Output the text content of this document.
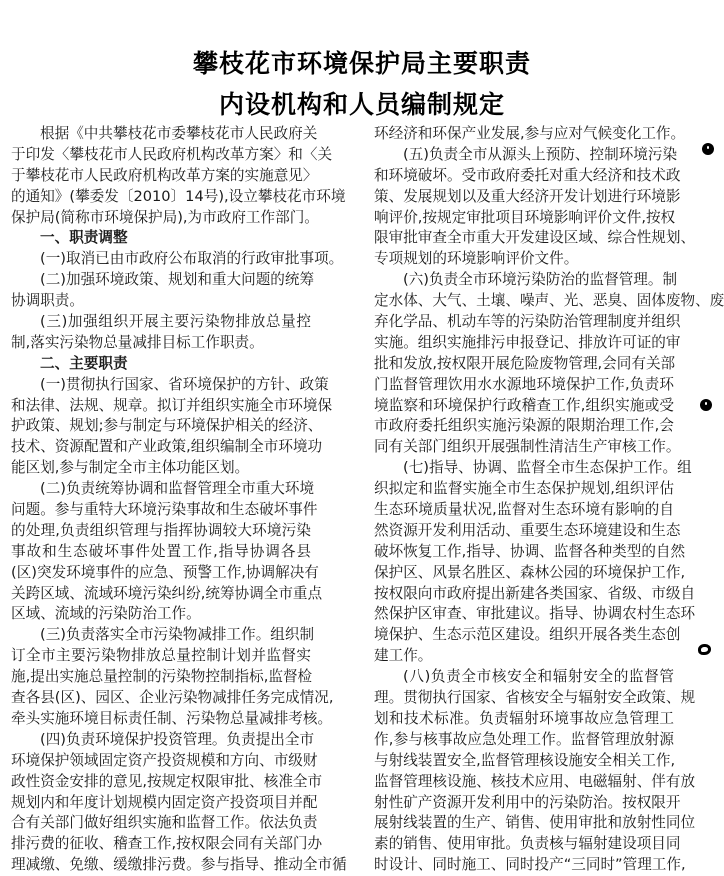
攀枝花市环境保护局主要职责
内设机构和人员编制规定
根据《中共攀枝花市委攀枝花市人民政府关
于印发〈攀枝花市人民政府机构改革方案〉和〈关
于攀枝花市人民政府机构改革方案的实施意见〉
的通知》(攀委发〔2010〕14号),设立攀枝花市环境
保护局(简称市环境保护局),为市政府工作部门。
一、职责调整
(一)取消已由市政府公布取消的行政审批事项。
(二)加强环境政策、规划和重大问题的统筹
协调职责。
(三)加强组织开展主要污染物排放总量控
制,落实污染物总量减排目标工作职责。
二、主要职责
(一)贯彻执行国家、省环境保护的方针、政策
和法律、法规、规章。拟订并组织实施全市环境保
护政策、规划;参与制定与环境保护相关的经济、
技术、资源配置和产业政策,组织编制全市环境功
能区划,参与制定全市主体功能区划。
(二)负责统筹协调和监督管理全市重大环境
问题。参与重特大环境污染事故和生态破坏事件
的处理,负责组织管理与指挥协调较大环境污染
事故和生态破坏事件处置工作,指导协调各县
(区)突发环境事件的应急、预警工作,协调解决有
关跨区域、流域环境污染纠纷,统筹协调全市重点
区域、流域的污染防治工作。
(三)负责落实全市污染物减排工作。组织制
订全市主要污染物排放总量控制计划并监督实
施,提出实施总量控制的污染物控制指标,监督检
查各县(区)、园区、企业污染物减排任务完成情况,
牵头实施环境目标责任制、污染物总量减排考核。
(四)负责环境保护投资管理。负责提出全市
环境保护领域固定资产投资规模和方向、市级财
政性资金安排的意见,按规定权限审批、核准全市
规划内和年度计划规模内固定资产投资项目并配
合有关部门做好组织实施和监督工作。依法负责
排污费的征收、稽查工作,按权限会同有关部门办
理减缴、免缴、缓缴排污费。参与指导、推动全市循
环经济和环保产业发展,参与应对气候变化工作。
(五)负责全市从源头上预防、控制环境污染
和环境破坏。受市政府委托对重大经济和技术政
策、发展规划以及重大经济开发计划进行环境影
响评价,按规定审批项目环境影响评价文件,按权
限审批审查全市重大开发建设区域、综合性规划、
专项规划的环境影响评价文件。
(六)负责全市环境污染防治的监督管理。制
定水体、大气、土壤、噪声、光、恶臭、固体废物、废
弃化学品、机动车等的污染防治管理制度并组织
实施。组织实施排污申报登记、排放许可证的审
批和发放,按权限开展危险废物管理,会同有关部
门监督管理饮用水水源地环境保护工作,负责环
境监察和环境保护行政稽查工作,组织实施或受
市政府委托组织实施污染源的限期治理工作,会
同有关部门组织开展强制性清洁生产审核工作。
(七)指导、协调、监督全市生态保护工作。组
织拟定和监督实施全市生态保护规划,组织评估
生态环境质量状况,监督对生态环境有影响的自
然资源开发利用活动、重要生态环境建设和生态
破坏恢复工作,指导、协调、监督各种类型的自然
保护区、风景名胜区、森林公园的环境保护工作,
按权限向市政府提出新建各类国家、省级、市级自
然保护区审查、审批建议。指导、协调农村生态环
境保护、生态示范区建设。组织开展各类生态创
建工作。
(八)负责全市核安全和辐射安全的监督管
理。贯彻执行国家、省核安全与辐射安全政策、规
划和技术标准。负责辐射环境事故应急管理工
作,参与核事故应急处理工作。监督管理放射源
与射线装置安全,监督管理核设施安全相关工作,
监督管理核设施、核技术应用、电磁辐射、伴有放
射性矿产资源开发利用中的污染防治。按权限开
展射线装置的生产、销售、使用审批和放射性同位
素的销售、使用审批。负责核与辐射建设项目同
时设计、同时施工、同时投产“三同时”管理工作,
